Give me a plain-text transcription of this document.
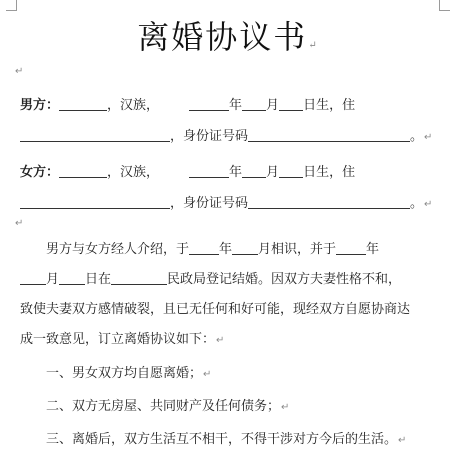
离婚协议书↵
↵
男方：	，汉族，	年 月 日生，住
，身份证号码	。↵
女方：	，汉族，	年 月 日生，住
，身份证号码	。↵
↵
男方与女方经人介绍，于 年 月相识，并于 年
月 日在	民政局登记结婚。因双方夫妻性格不和，
致使夫妻双方感情破裂，且已无任何和好可能，现经双方自愿协商达
成一致意见，订立离婚协议如下：↵
一、男女双方均自愿离婚；↵
二、双方无房屋、共同财产及任何债务；↵
三、离婚后，双方生活互不相干，不得干涉对方今后的生活。↵
